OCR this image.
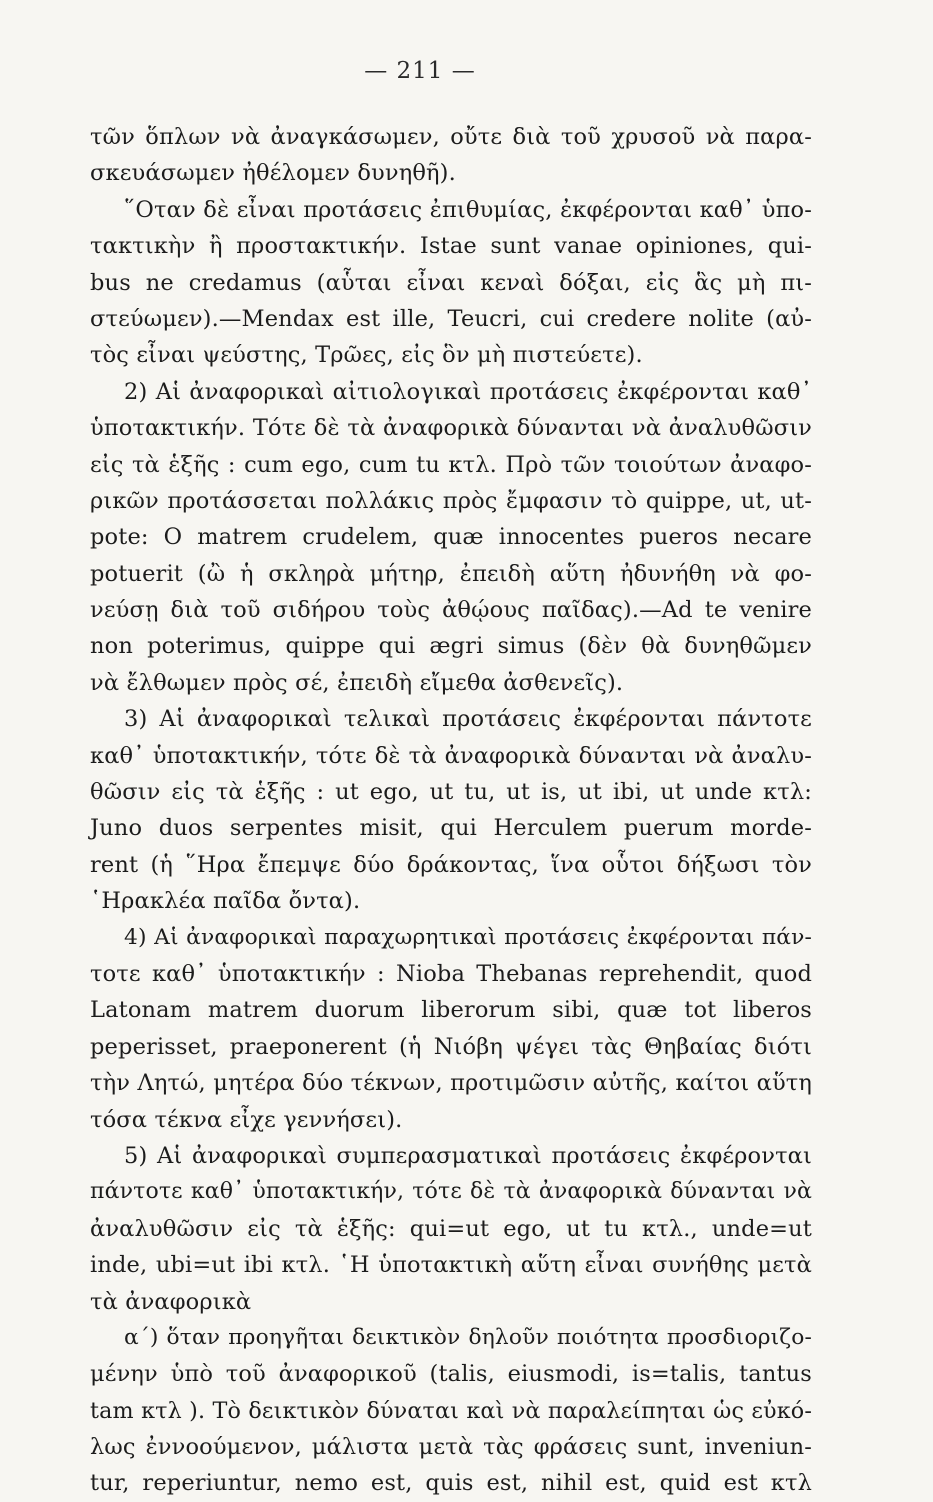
— 211 —
τῶν ὅπλων νὰ ἀναγκάσωμεν, οὔτε διὰ τοῦ χρυσοῦ νὰ παρα-
σκευάσωμεν ἠθέλομεν δυνηθῆ).
῞Οταν δὲ εἶναι προτάσεις ἐπιθυμίας, ἐκφέρονται καθ᾿ ὑπο-
τακτικὴν ἢ προστακτικήν. Istae sunt vanae opiniones, qui-
bus ne credamus (αὗται εἶναι κεναὶ δόξαι, εἰς ἃς μὴ πι-
στεύωμεν).—Mendax est ille, Teucri, cui credere nolite (αὐ-
τὸς εἶναι ψεύστης, Τρῶες, εἰς ὃν μὴ πιστεύετε).
2) Αἱ ἀναφορικαὶ αἰτιολογικαὶ προτάσεις ἐκφέρονται καθ᾿
ὑποτακτικήν. Τότε δὲ τὰ ἀναφορικὰ δύνανται νὰ ἀναλυθῶσιν
εἰς τὰ ἑξῆς : cum ego, cum tu κτλ. Πρὸ τῶν τοιούτων ἀναφο-
ρικῶν προτάσσεται πολλάκις πρὸς ἔμφασιν τὸ quippe, ut, ut-
pote: O matrem crudelem, quæ innocentes pueros necare
potuerit (ὢ ἡ σκληρὰ μήτηρ, ἐπειδὴ αὕτη ἠδυνήθη νὰ φο-
νεύσῃ διὰ τοῦ σιδήρου τοὺς ἀθῴους παῖδας).—Ad te venire
non poterimus, quippe qui ægri simus (δὲν θὰ δυνηθῶμεν
νὰ ἔλθωμεν πρὸς σέ, ἐπειδὴ εἴμεθα ἀσθενεῖς).
3) Αἱ ἀναφορικαὶ τελικαὶ προτάσεις ἐκφέρονται πάντοτε
καθ᾿ ὑποτακτικήν, τότε δὲ τὰ ἀναφορικὰ δύνανται νὰ ἀναλυ-
θῶσιν εἰς τὰ ἑξῆς : ut ego, ut tu, ut is, ut ibi, ut unde κτλ:
Juno duos serpentes misit, qui Herculem puerum morde-
rent (ἡ ῞Ηρα ἔπεμψε δύο δράκοντας, ἵνα οὗτοι δήξωσι τὸν
῾Ηρακλέα παῖδα ὄντα).
4) Αἱ ἀναφορικαὶ παραχωρητικαὶ προτάσεις ἐκφέρονται πάν-
τοτε καθ᾿ ὑποτακτικήν : Nioba Thebanas reprehendit, quod
Latonam matrem duorum liberorum sibi, quæ tot liberos
peperisset, praeponerent (ἡ Νιόβη ψέγει τὰς Θηβαίας διότι
τὴν Λητώ, μητέρα δύο τέκνων, προτιμῶσιν αὐτῆς, καίτοι αὕτη
τόσα τέκνα εἶχε γεννήσει).
5) Αἱ ἀναφορικαὶ συμπερασματικαὶ προτάσεις ἐκφέρονται
πάντοτε καθ᾿ ὑποτακτικήν, τότε δὲ τὰ ἀναφορικὰ δύνανται νὰ
ἀναλυθῶσιν εἰς τὰ ἑξῆς: qui=ut ego, ut tu κτλ., unde=ut
inde, ubi=ut ibi κτλ. ῾Η ὑποτακτικὴ αὕτη εἶναι συνήθης μετὰ
τὰ ἀναφορικὰ
α΄) ὅταν προηγῆται δεικτικὸν δηλοῦν ποιότητα προσδιοριζο-
μένην ὑπὸ τοῦ ἀναφορικοῦ (talis, eiusmodi, is=talis, tantus
tam κτλ ). Τὸ δεικτικὸν δύναται καὶ νὰ παραλείπηται ὡς εὐκό-
λως ἐννοούμενον, μάλιστα μετὰ τὰς φράσεις sunt, inveniun-
tur, reperiuntur, nemo est, quis est, nihil est, quid est κτλ
